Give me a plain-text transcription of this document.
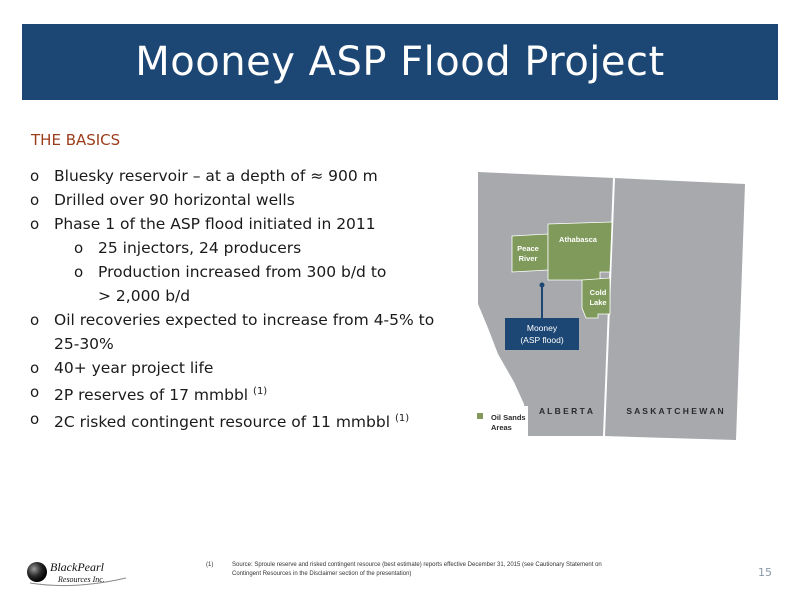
Mooney ASP Flood Project
THE BASICS
o Bluesky reservoir – at a depth of ≈ 900 m
o Drilled over 90 horizontal wells
o Phase 1 of the ASP flood initiated in 2011
o 25 injectors, 24 producers
o Production increased from 300 b/d to > 2,000 b/d
o Oil recoveries expected to increase from 4-5% to 25-30%
o 40+ year project life
o 2P reserves of 17 mmbbl $^{(1)}$
o 2C risked contingent resource of 11 mmbbl $^{(1)}$
Peace
River
Athabasca
Cold
Lake
Mooney
(ASP flood)
A L B E R T A	S A S K A T C H E W A N
Oil Sands
Areas
BlackPearl
Resources Inc.
(1)	Source: Sproule reserve and risked contingent resource (best estimate) reports effective December 31, 2015 (see Cautionary Statement on Contingent Resources in the Disclaimer section of the presentation)	15
